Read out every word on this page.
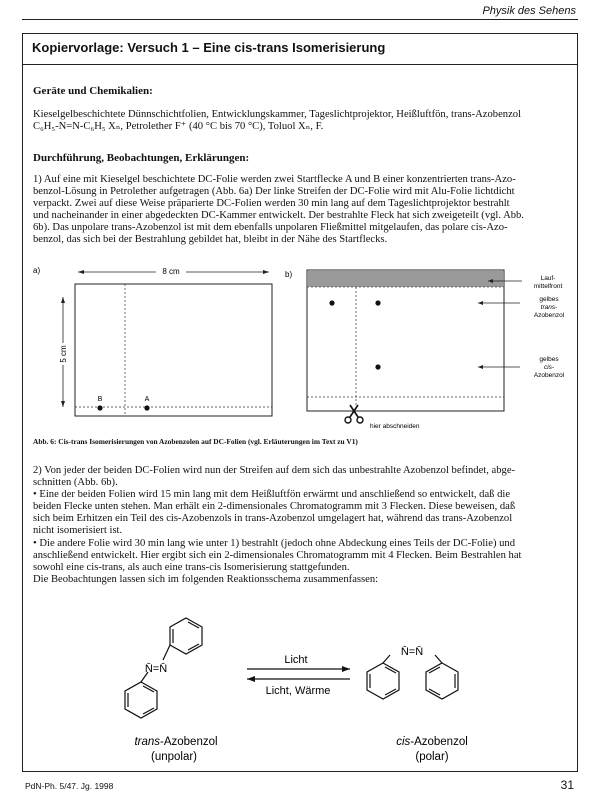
Physik des Sehens
Kopiervorlage: Versuch 1 – Eine cis-trans Isomerisierung
Geräte und Chemikalien:
Kieselgelbeschichtete Dünnschichtfolien, Entwicklungskammer, Tageslichtprojektor, Heißluftfön, trans-Azobenzol
C₆H₅-N=N-C₆H₅ Xₙ, Petrolether F⁺ (40 °C bis 70 °C), Toluol Xₙ, F.
Durchführung, Beobachtungen, Erklärungen:
1) Auf eine mit Kieselgel beschichtete DC-Folie werden zwei Startflecke A und B einer konzentrierten trans-Azo-
benzol-Lösung in Petrolether aufgetragen (Abb. 6a) Der linke Streifen der DC-Folie wird mit Alu-Folie lichtdicht
verpackt. Zwei auf diese Weise präparierte DC-Folien werden 30 min lang auf dem Tageslichtprojektor bestrahlt
und nacheinander in einer abgedeckten DC-Kammer entwickelt. Der bestrahlte Fleck hat sich zweigeteilt (vgl. Abb.
6b). Das unpolare trans-Azobenzol ist mit dem ebenfalls unpolaren Fließmittel mitgelaufen, das polare cis-Azo-
benzol, das sich bei der Bestrahlung gebildet hat, bleibt in der Nähe des Startflecks.
a)	8 cm
5 cm
B	A
b)	Lauf-
mittelfront
gelbes
trans-
Azobenzol
gelbes
cis-
Azobenzol
hier abschneiden
Abb. 6: Cis-trans Isomerisierungen von Azobenzolen auf DC-Folien (vgl. Erläuterungen im Text zu V1)
2) Von jeder der beiden DC-Folien wird nun der Streifen auf dem sich das unbestrahlte Azobenzol befindet, abge-
schnitten (Abb. 6b).
• Eine der beiden Folien wird 15 min lang mit dem Heißluftfön erwärmt und anschließend so entwickelt, daß die
beiden Flecke unten stehen. Man erhält ein 2-dimensionales Chromatogramm mit 3 Flecken. Diese beweisen, daß
sich beim Erhitzen ein Teil des cis-Azobenzols in trans-Azobenzol umgelagert hat, während das trans-Azobenzol
nicht isomerisiert ist.
• Die andere Folie wird 30 min lang wie unter 1) bestrahlt (jedoch ohne Abdeckung eines Teils der DC-Folie) und
anschließend entwickelt. Hier ergibt sich ein 2-dimensionales Chromatogramm mit 4 Flecken. Beim Bestrahlen hat
sowohl eine cis-trans, als auch eine trans-cis Isomerisierung stattgefunden.
Die Beobachtungen lassen sich im folgenden Reaktionsschema zusammenfassen:
N̄=N̄
Licht
Licht, Wärme
N̄=N̄
trans-Azobenzol
(unpolar)
cis-Azobenzol
(polar)
PdN-Ph. 5/47. Jg. 1998	31
